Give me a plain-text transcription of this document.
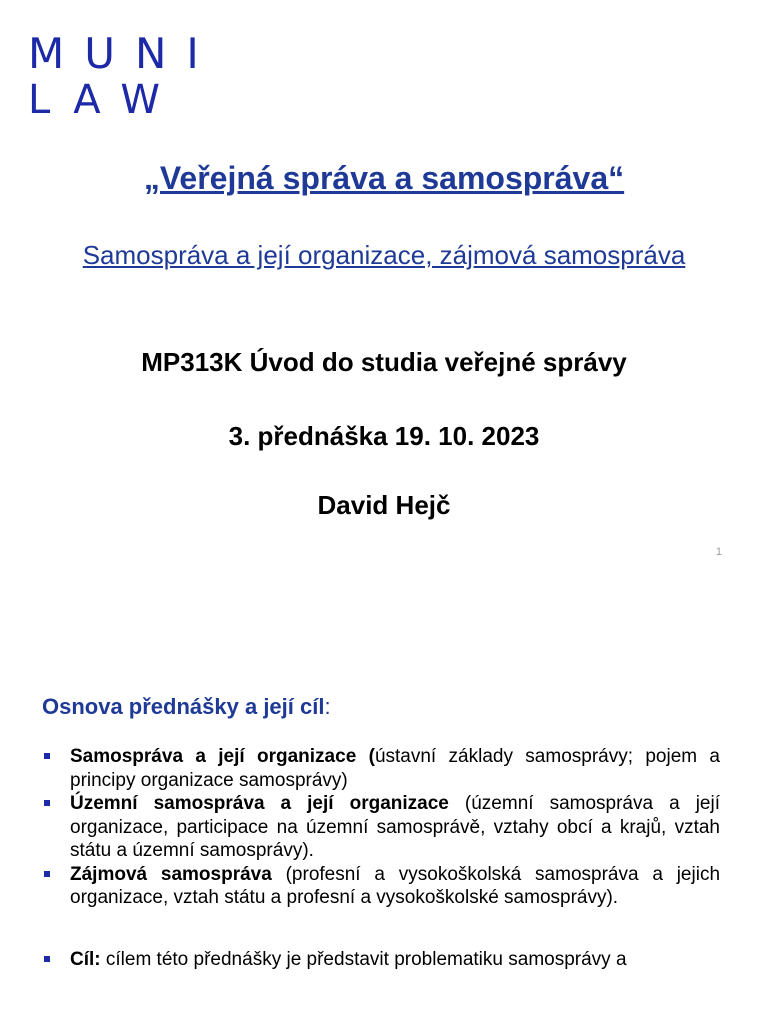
MUNI
LAW
„Veřejná správa a samospráva“
Samospráva a její organizace, zájmová samospráva
MP313K Úvod do studia veřejné správy
3. přednáška 19. 10. 2023
David Hejč
1
Osnova přednášky a její cíl:
Samospráva a její organizace (ústavní základy samosprávy; pojem a principy organizace samosprávy)
Územní samospráva a její organizace (územní samospráva a její organizace, participace na územní samosprávě, vztahy obcí a krajů, vztah státu a územní samosprávy).
Zájmová samospráva (profesní a vysokoškolská samospráva a jejich organizace, vztah státu a profesní a vysokoškolské samosprávy).
Cíl: cílem této přednášky je představit problematiku samosprávy a
